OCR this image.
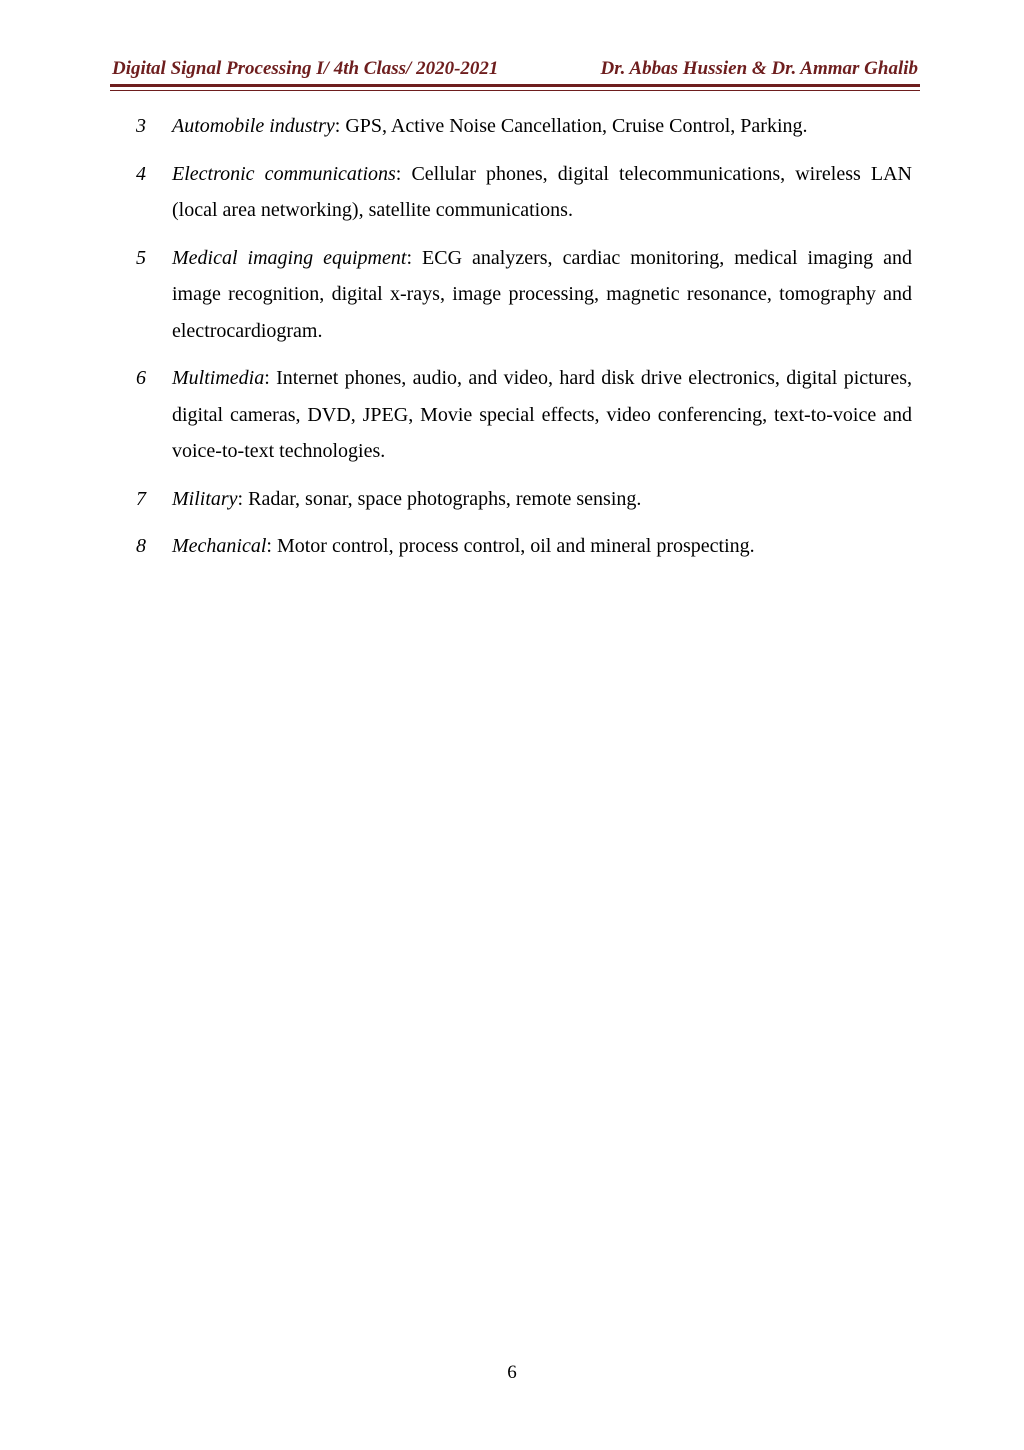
Digital Signal Processing I/ 4th Class/ 2020-2021	Dr. Abbas Hussien & Dr. Ammar Ghalib
3	Automobile industry: GPS, Active Noise Cancellation, Cruise Control, Parking.
4	Electronic communications: Cellular phones, digital telecommunications, wireless LAN (local area networking), satellite communications.
5	Medical imaging equipment: ECG analyzers, cardiac monitoring, medical imaging and image recognition, digital x-rays, image processing, magnetic resonance, tomography and electrocardiogram.
6	Multimedia: Internet phones, audio, and video, hard disk drive electronics, digital pictures, digital cameras, DVD, JPEG, Movie special effects, video conferencing, text-to-voice and voice-to-text technologies.
7	Military: Radar, sonar, space photographs, remote sensing.
8	Mechanical: Motor control, process control, oil and mineral prospecting.
6
